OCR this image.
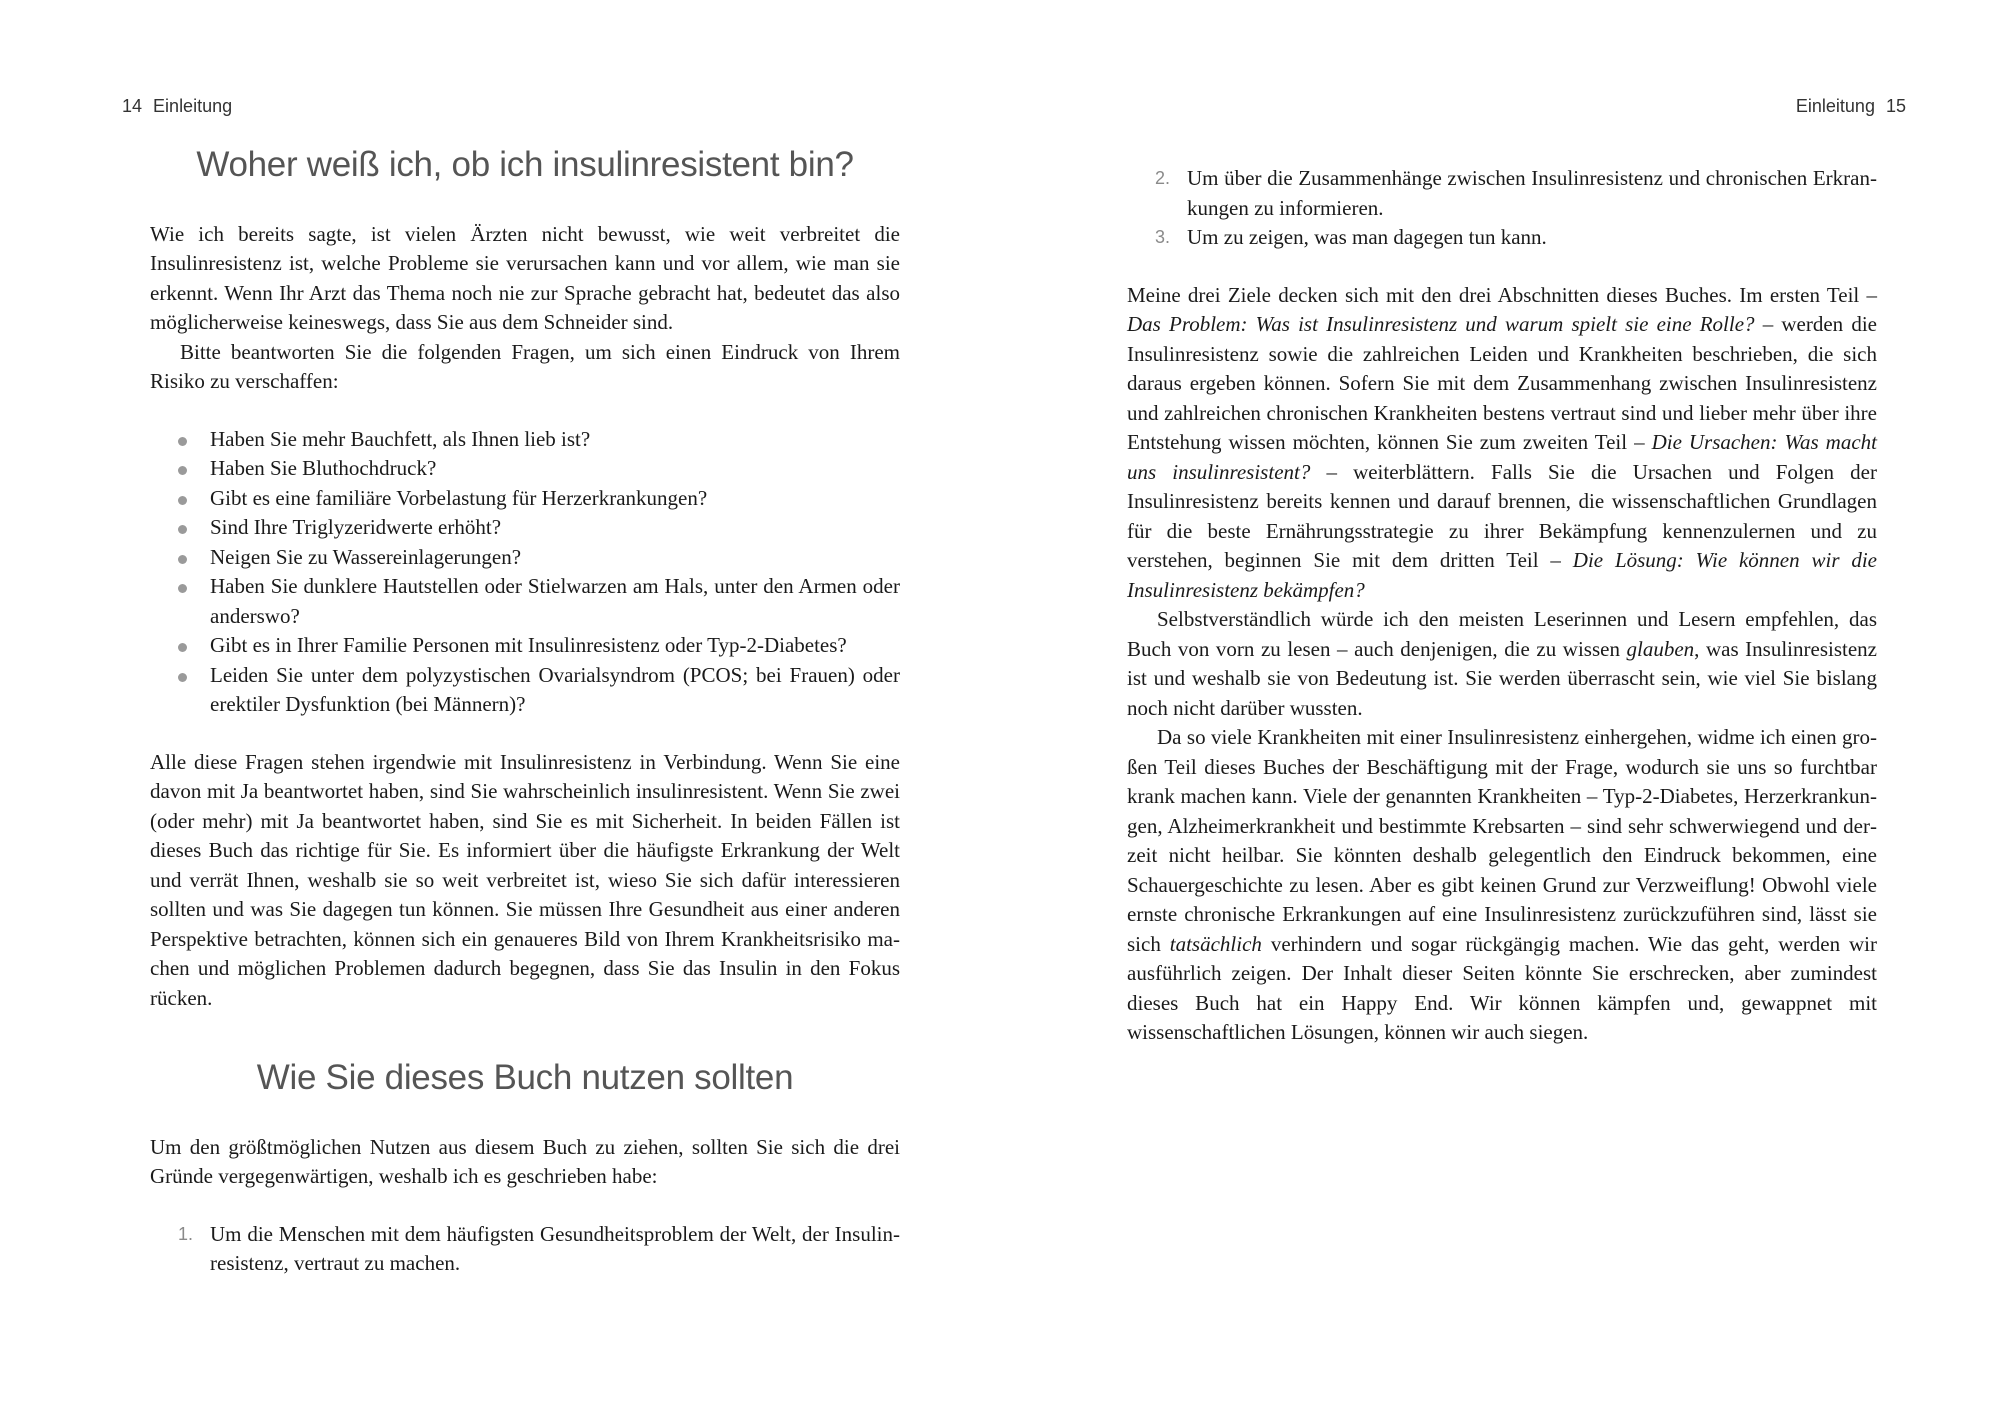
14 Einleitung	Einleitung 15
Woher weiß ich, ob ich insulinresistent bin?

Wie ich bereits sagte, ist vielen Ärzten nicht bewusst, wie weit verbreitet die Insulinresistenz ist, welche Probleme sie verursachen kann und vor allem, wie man sie erkennt. Wenn Ihr Arzt das Thema noch nie zur Sprache gebracht hat, bedeutet das also möglicherweise keineswegs, dass Sie aus dem Schneider sind.

Bitte beantworten Sie die folgenden Fragen, um sich einen Eindruck von Ihrem Risiko zu verschaffen:

Haben Sie mehr Bauchfett, als Ihnen lieb ist?
Haben Sie Bluthochdruck?
Gibt es eine familiäre Vorbelastung für Herzerkrankungen?
Sind Ihre Triglyzeridwerte erhöht?
Neigen Sie zu Wassereinlagerungen?
Haben Sie dunklere Hautstellen oder Stielwarzen am Hals, unter den Armen oder anderswo?
Gibt es in Ihrer Familie Personen mit Insulinresistenz oder Typ-2-Diabetes?
Leiden Sie unter dem polyzystischen Ovarialsyndrom (PCOS; bei Frauen) oder erektiler Dysfunktion (bei Männern)?

Alle diese Fragen stehen irgendwie mit Insulinresistenz in Verbindung. Wenn Sie eine davon mit Ja beantwortet haben, sind Sie wahrscheinlich insulinresistent. Wenn Sie zwei (oder mehr) mit Ja beantwortet haben, sind Sie es mit Sicherheit. In beiden Fällen ist dieses Buch das richtige für Sie. Es informiert über die häufigste Erkrankung der Welt und verrät Ihnen, weshalb sie so weit verbreitet ist, wieso Sie sich dafür interessieren sollten und was Sie dagegen tun können. Sie müssen Ihre Gesundheit aus einer anderen Perspektive betrachten, können sich ein genaueres Bild von Ihrem Krankheitsrisiko machen und möglichen Problemen dadurch begegnen, dass Sie das Insulin in den Fokus rücken.

Wie Sie dieses Buch nutzen sollten

Um den größtmöglichen Nutzen aus diesem Buch zu ziehen, sollten Sie sich die drei Gründe vergegenwärtigen, weshalb ich es geschrieben habe:

1. Um die Menschen mit dem häufigsten Gesundheitsproblem der Welt, der Insulinresistenz, vertraut zu machen.
2. Um über die Zusammenhänge zwischen Insulinresistenz und chronischen Erkrankungen zu informieren.
3. Um zu zeigen, was man dagegen tun kann.

Meine drei Ziele decken sich mit den drei Abschnitten dieses Buches. Im ersten Teil – Das Problem: Was ist Insulinresistenz und warum spielt sie eine Rolle? – werden die Insulinresistenz sowie die zahlreichen Leiden und Krankheiten beschrieben, die sich daraus ergeben können. Sofern Sie mit dem Zusammenhang zwischen Insulinresistenz und zahlreichen chronischen Krankheiten bestens vertraut sind und lieber mehr über ihre Entstehung wissen möchten, können Sie zum zweiten Teil – Die Ursachen: Was macht uns insulinresistent? – weiterblättern. Falls Sie die Ursachen und Folgen der Insulinresistenz bereits kennen und darauf brennen, die wissenschaftlichen Grundlagen für die beste Ernährungsstrategie zu ihrer Bekämpfung kennenzulernen und zu verstehen, beginnen Sie mit dem dritten Teil – Die Lösung: Wie können wir die Insulinresistenz bekämpfen?

Selbstverständlich würde ich den meisten Leserinnen und Lesern empfehlen, das Buch von vorn zu lesen – auch denjenigen, die zu wissen glauben, was Insulinresistenz ist und weshalb sie von Bedeutung ist. Sie werden überrascht sein, wie viel Sie bislang noch nicht darüber wussten.

Da so viele Krankheiten mit einer Insulinresistenz einhergehen, widme ich einen großen Teil dieses Buches der Beschäftigung mit der Frage, wodurch sie uns so furchtbar krank machen kann. Viele der genannten Krankheiten – Typ-2-Diabetes, Herzerkrankungen, Alzheimerkrankheit und bestimmte Krebsarten – sind sehr schwerwiegend und derzeit nicht heilbar. Sie könnten deshalb gelegentlich den Eindruck bekommen, eine Schauergeschichte zu lesen. Aber es gibt keinen Grund zur Verzweiflung! Obwohl viele ernste chronische Erkrankungen auf eine Insulinresistenz zurückzuführen sind, lässt sie sich tatsächlich verhindern und sogar rückgängig machen. Wie das geht, werden wir ausführlich zeigen. Der Inhalt dieser Seiten könnte Sie erschrecken, aber zumindest dieses Buch hat ein Happy End. Wir können kämpfen und, gewappnet mit wissenschaftlichen Lösungen, können wir auch siegen.
